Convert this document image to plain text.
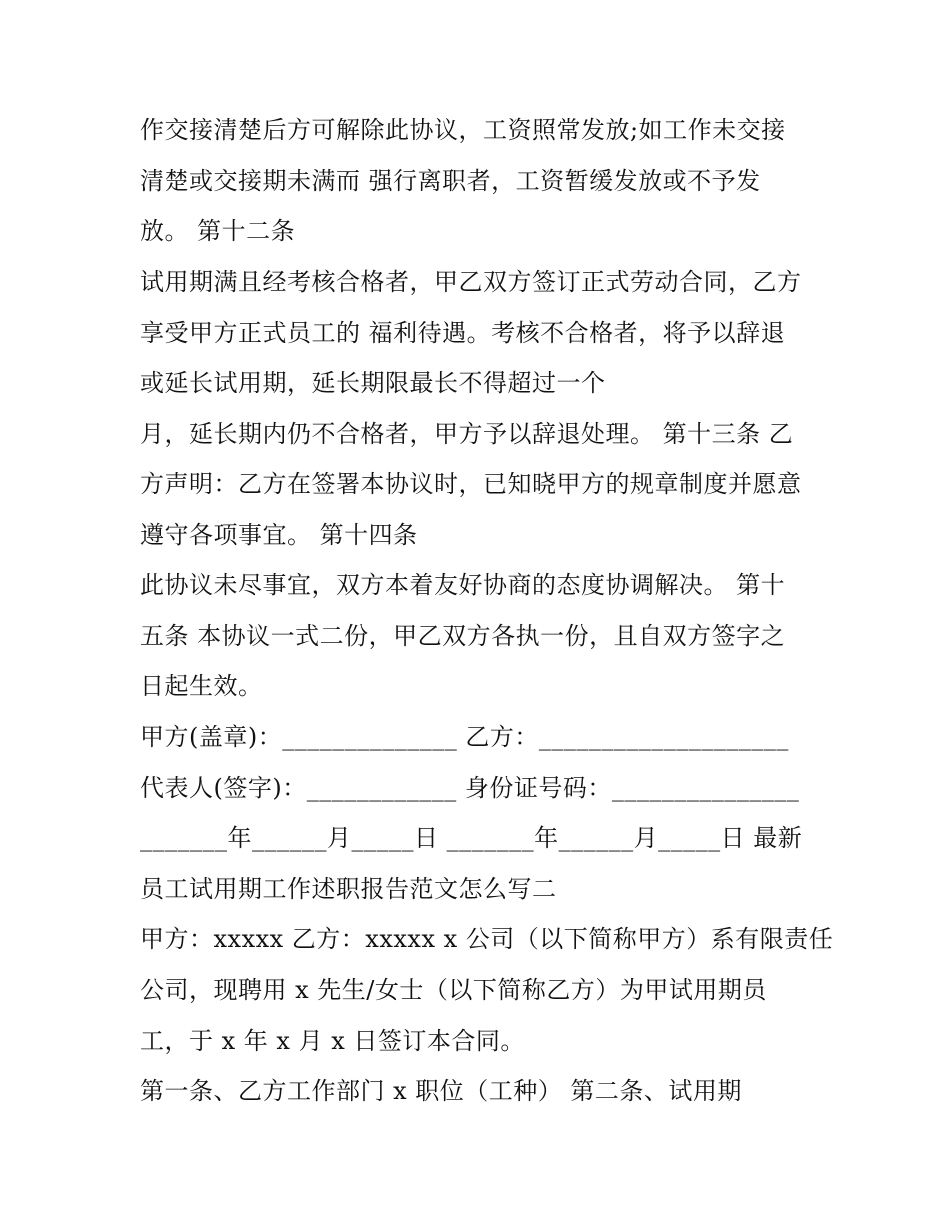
作交接清楚后方可解除此协议，工资照常发放;如工作未交接
清楚或交接期未满而 强行离职者，工资暂缓发放或不予发
放。 第十二条
试用期满且经考核合格者，甲乙双方签订正式劳动合同，乙方
享受甲方正式员工的 福利待遇。考核不合格者，将予以辞退
或延长试用期，延长期限最长不得超过一个
月，延长期内仍不合格者，甲方予以辞退处理。 第十三条 乙
方声明：乙方在签署本协议时，已知晓甲方的规章制度并愿意
遵守各项事宜。 第十四条
此协议未尽事宜，双方本着友好协商的态度协调解决。 第十
五条 本协议一式二份，甲乙双方各执一份，且自双方签字之
日起生效。
甲方(盖章)：______________ 乙方：____________________
代表人(签字)：____________ 身份证号码：_______________
_______年______月_____日 _______年______月_____日 最新
员工试用期工作述职报告范文怎么写二
甲方：xxxxx 乙方：xxxxx x 公司（以下简称甲方）系有限责任
公司，现聘用 x 先生/女士（以下简称乙方）为甲试用期员
工，于 x 年 x 月 x 日签订本合同。
第一条、乙方工作部门 x 职位（工种） 第二条、试用期
